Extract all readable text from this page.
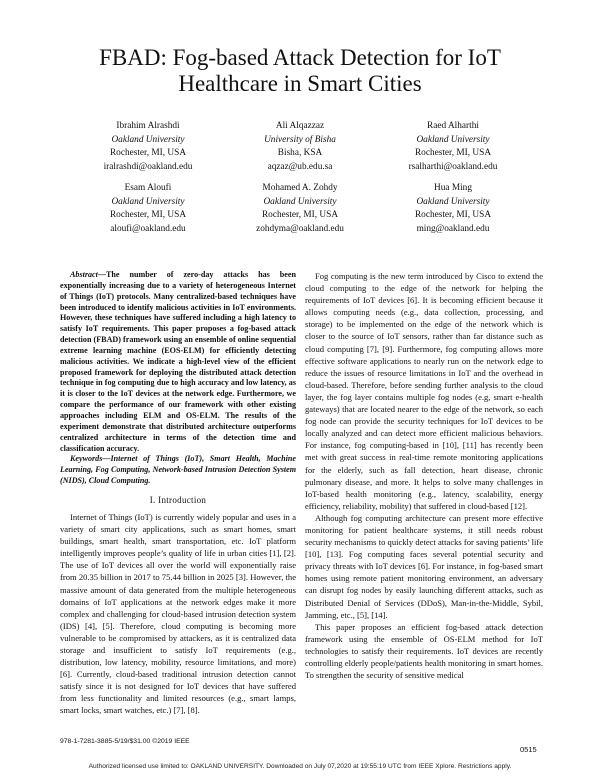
FBAD: Fog-based Attack Detection for IoT
Healthcare in Smart Cities
Ibrahim Alrashdi
Oakland University
Rochester, MI, USA
iralrashdi@oakland.edu
Ali Alqazzaz
University of Bisha
Bisha, KSA
aqzaz@ub.edu.sa
Raed Alharthi
Oakland University
Rochester, MI, USA
rsalharthi@oakland.edu
Esam Aloufi
Oakland University
Rochester, MI, USA
aloufi@oakland.edu
Mohamed A. Zohdy
Oakland University
Rochester, MI, USA
zohdyma@oakland.edu
Hua Ming
Oakland University
Rochester, MI, USA
ming@oakland.edu

Abstract—The number of zero-day attacks has been exponentially increasing due to a variety of heterogeneous Internet of Things (IoT) protocols. Many centralized-based techniques have been introduced to identify malicious activities in IoT environments. However, these techniques have suffered including a high latency to satisfy IoT requirements. This paper proposes a fog-based attack detection (FBAD) framework using an ensemble of online sequential extreme learning machine (EOS-ELM) for efficiently detecting malicious activities. We indicate a high-level view of the efficient proposed framework for deploying the distributed attack detection technique in fog computing due to high accuracy and low latency, as it is closer to the IoT devices at the network edge. Furthermore, we compare the performance of our framework with other existing approaches including ELM and OS-ELM. The results of the experiment demonstrate that distributed architecture outperforms centralized architecture in terms of the detection time and classification accuracy.

Keywords—Internet of Things (IoT), Smart Health, Machine Learning, Fog Computing, Network-based Intrusion Detection System (NIDS), Cloud Computing.

I. Introduction

Internet of Things (IoT) is currently widely popular and uses in a variety of smart city applications, such as smart homes, smart buildings, smart health, smart transportation, etc. IoT platform intelligently improves people’s quality of life in urban cities [1], [2]. The use of IoT devices all over the world will exponentially raise from 20.35 billion in 2017 to 75.44 billion in 2025 [3]. However, the massive amount of data generated from the multiple heterogeneous domains of IoT applications at the network edges make it more complex and challenging for cloud-based intrusion detection system (IDS) [4], [5]. Therefore, cloud computing is becoming more vulnerable to be compromised by attackers, as it is centralized data storage and insufficient to satisfy IoT requirements (e.g., distribution, low latency, mobility, resource limitations, and more) [6]. Currently, cloud-based traditional intrusion detection cannot satisfy since it is not designed for IoT devices that have suffered from less functionality and limited resources (e.g., smart lamps, smart locks, smart watches, etc.) [7], [8].

Fog computing is the new term introduced by Cisco to extend the cloud computing to the edge of the network for helping the requirements of IoT devices [6]. It is becoming efficient because it allows computing needs (e.g., data collection, processing, and storage) to be implemented on the edge of the network which is closer to the source of IoT sensors, rather than far distance such as cloud computing [7], [9]. Furthermore, fog computing allows more effective software applications to nearly run on the network edge to reduce the issues of resource limitations in IoT and the overhead in cloud-based. Therefore, before sending further analysis to the cloud layer, the fog layer contains multiple fog nodes (e.g, smart e-health gateways) that are located nearer to the edge of the network, so each fog node can provide the security techniques for IoT devices to be locally analyzed and can detect more efficient malicious behaviors. For instance, fog computing-based in [10], [11] has recently been met with great success in real-time remote monitoring applications for the elderly, such as fall detection, heart disease, chronic pulmonary disease, and more. It helps to solve many challenges in IoT-based health monitoring (e.g., latency, scalability, energy efficiency, reliability, mobility) that suffered in cloud-based [12].

Although fog computing architecture can present more effective monitoring for patient healthcare systems, it still needs robust security mechanisms to quickly detect attacks for saving patients’ life [10], [13]. Fog computing faces several potential security and privacy threats with IoT devices [6]. For instance, in fog-based smart homes using remote patient monitoring environment, an adversary can disrupt fog nodes by easily launching different attacks, such as Distributed Denial of Services (DDoS), Man-in-the-Middle, Sybil, Jamming, etc., [5], [14].

This paper proposes an efficient fog-based attack detection framework using the ensemble of OS-ELM method for IoT technologies to satisfy their requirements. IoT devices are recently controlling elderly people/patients health monitoring in smart homes. To strengthen the security of sensitive medical

978-1-7281-3885-5/19/$31.00 ©2019 IEEE
0515
Authorized licensed use limited to: OAKLAND UNIVERSITY. Downloaded on July 07,2020 at 19:55:19 UTC from IEEE Xplore. Restrictions apply.
